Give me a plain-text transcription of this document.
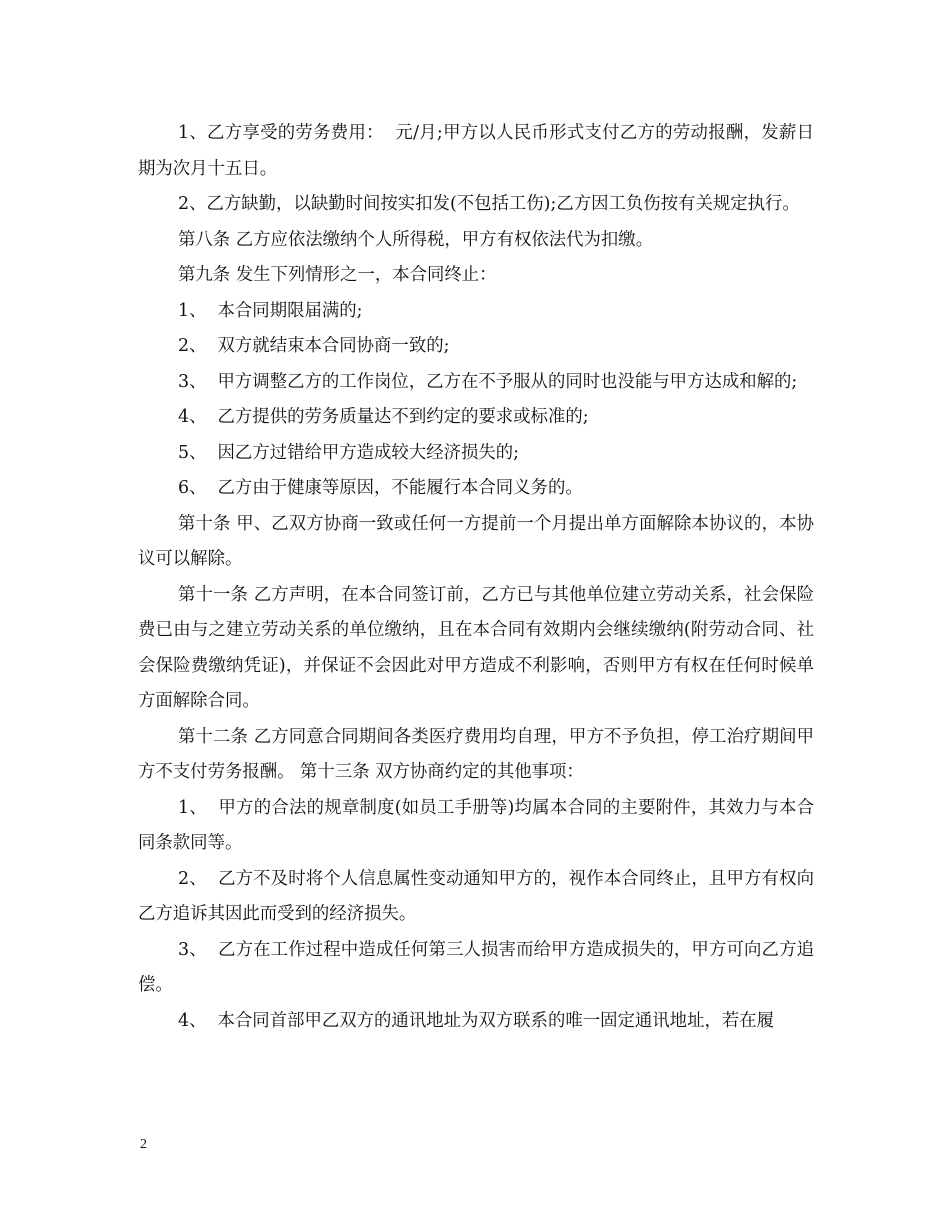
1、乙方享受的劳务费用：  元/月;甲方以人民币形式支付乙方的劳动报酬，发薪日期为次月十五日。

2、乙方缺勤，以缺勤时间按实扣发(不包括工伤);乙方因工负伤按有关规定执行。

第八条 乙方应依法缴纳个人所得税，甲方有权依法代为扣缴。

第九条 发生下列情形之一，本合同终止：

1、  本合同期限届满的;

2、  双方就结束本合同协商一致的;

3、  甲方调整乙方的工作岗位，乙方在不予服从的同时也没能与甲方达成和解的;

4、  乙方提供的劳务质量达不到约定的要求或标准的;

5、  因乙方过错给甲方造成较大经济损失的;

6、  乙方由于健康等原因，不能履行本合同义务的。

第十条 甲、乙双方协商一致或任何一方提前一个月提出单方面解除本协议的，本协议可以解除。

第十一条 乙方声明，在本合同签订前，乙方已与其他单位建立劳动关系，社会保险费已由与之建立劳动关系的单位缴纳，且在本合同有效期内会继续缴纳(附劳动合同、社会保险费缴纳凭证)，并保证不会因此对甲方造成不利影响，否则甲方有权在任何时候单方面解除合同。

第十二条 乙方同意合同期间各类医疗费用均自理，甲方不予负担，停工治疗期间甲方不支付劳务报酬。 第十三条 双方协商约定的其他事项：

1、  甲方的合法的规章制度(如员工手册等)均属本合同的主要附件，其效力与本合同条款同等。

2、  乙方不及时将个人信息属性变动通知甲方的，视作本合同终止，且甲方有权向乙方追诉其因此而受到的经济损失。

3、  乙方在工作过程中造成任何第三人损害而给甲方造成损失的，甲方可向乙方追偿。

4、  本合同首部甲乙双方的通讯地址为双方联系的唯一固定通讯地址，若在履

2
